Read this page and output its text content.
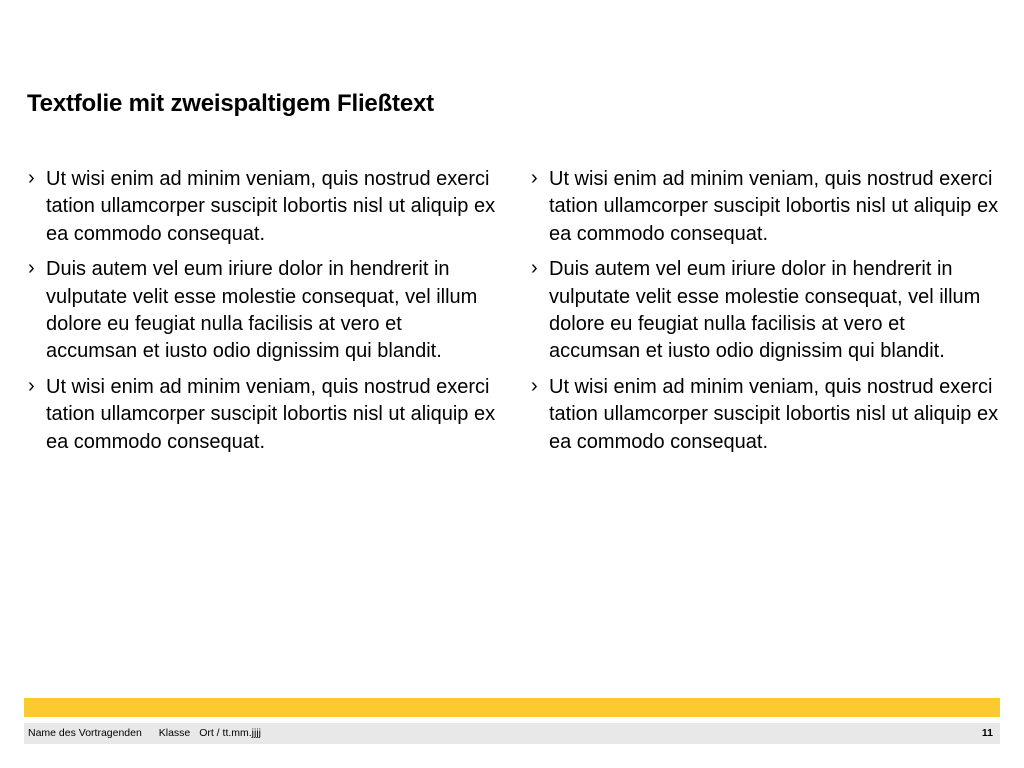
Textfolie mit zweispaltigem Fließtext
› Ut wisi enim ad minim veniam, quis nostrud exerci tation ullamcorper suscipit lobortis nisl ut aliquip ex ea commodo consequat.
› Duis autem vel eum iriure dolor in hendrerit in vulputate velit esse molestie consequat, vel illum dolore eu feugiat nulla facilisis at vero et accumsan et iusto odio dignissim qui blandit.
› Ut wisi enim ad minim veniam, quis nostrud exerci tation ullamcorper suscipit lobortis nisl ut aliquip ex ea commodo consequat.
› Ut wisi enim ad minim veniam, quis nostrud exerci tation ullamcorper suscipit lobortis nisl ut aliquip ex ea commodo consequat.
› Duis autem vel eum iriure dolor in hendrerit in vulputate velit esse molestie consequat, vel illum dolore eu feugiat nulla facilisis at vero et accumsan et iusto odio dignissim qui blandit.
› Ut wisi enim ad minim veniam, quis nostrud exerci tation ullamcorper suscipit lobortis nisl ut aliquip ex ea commodo consequat.
Name des Vortragenden Klasse Ort / tt.mm.jjjj	11
